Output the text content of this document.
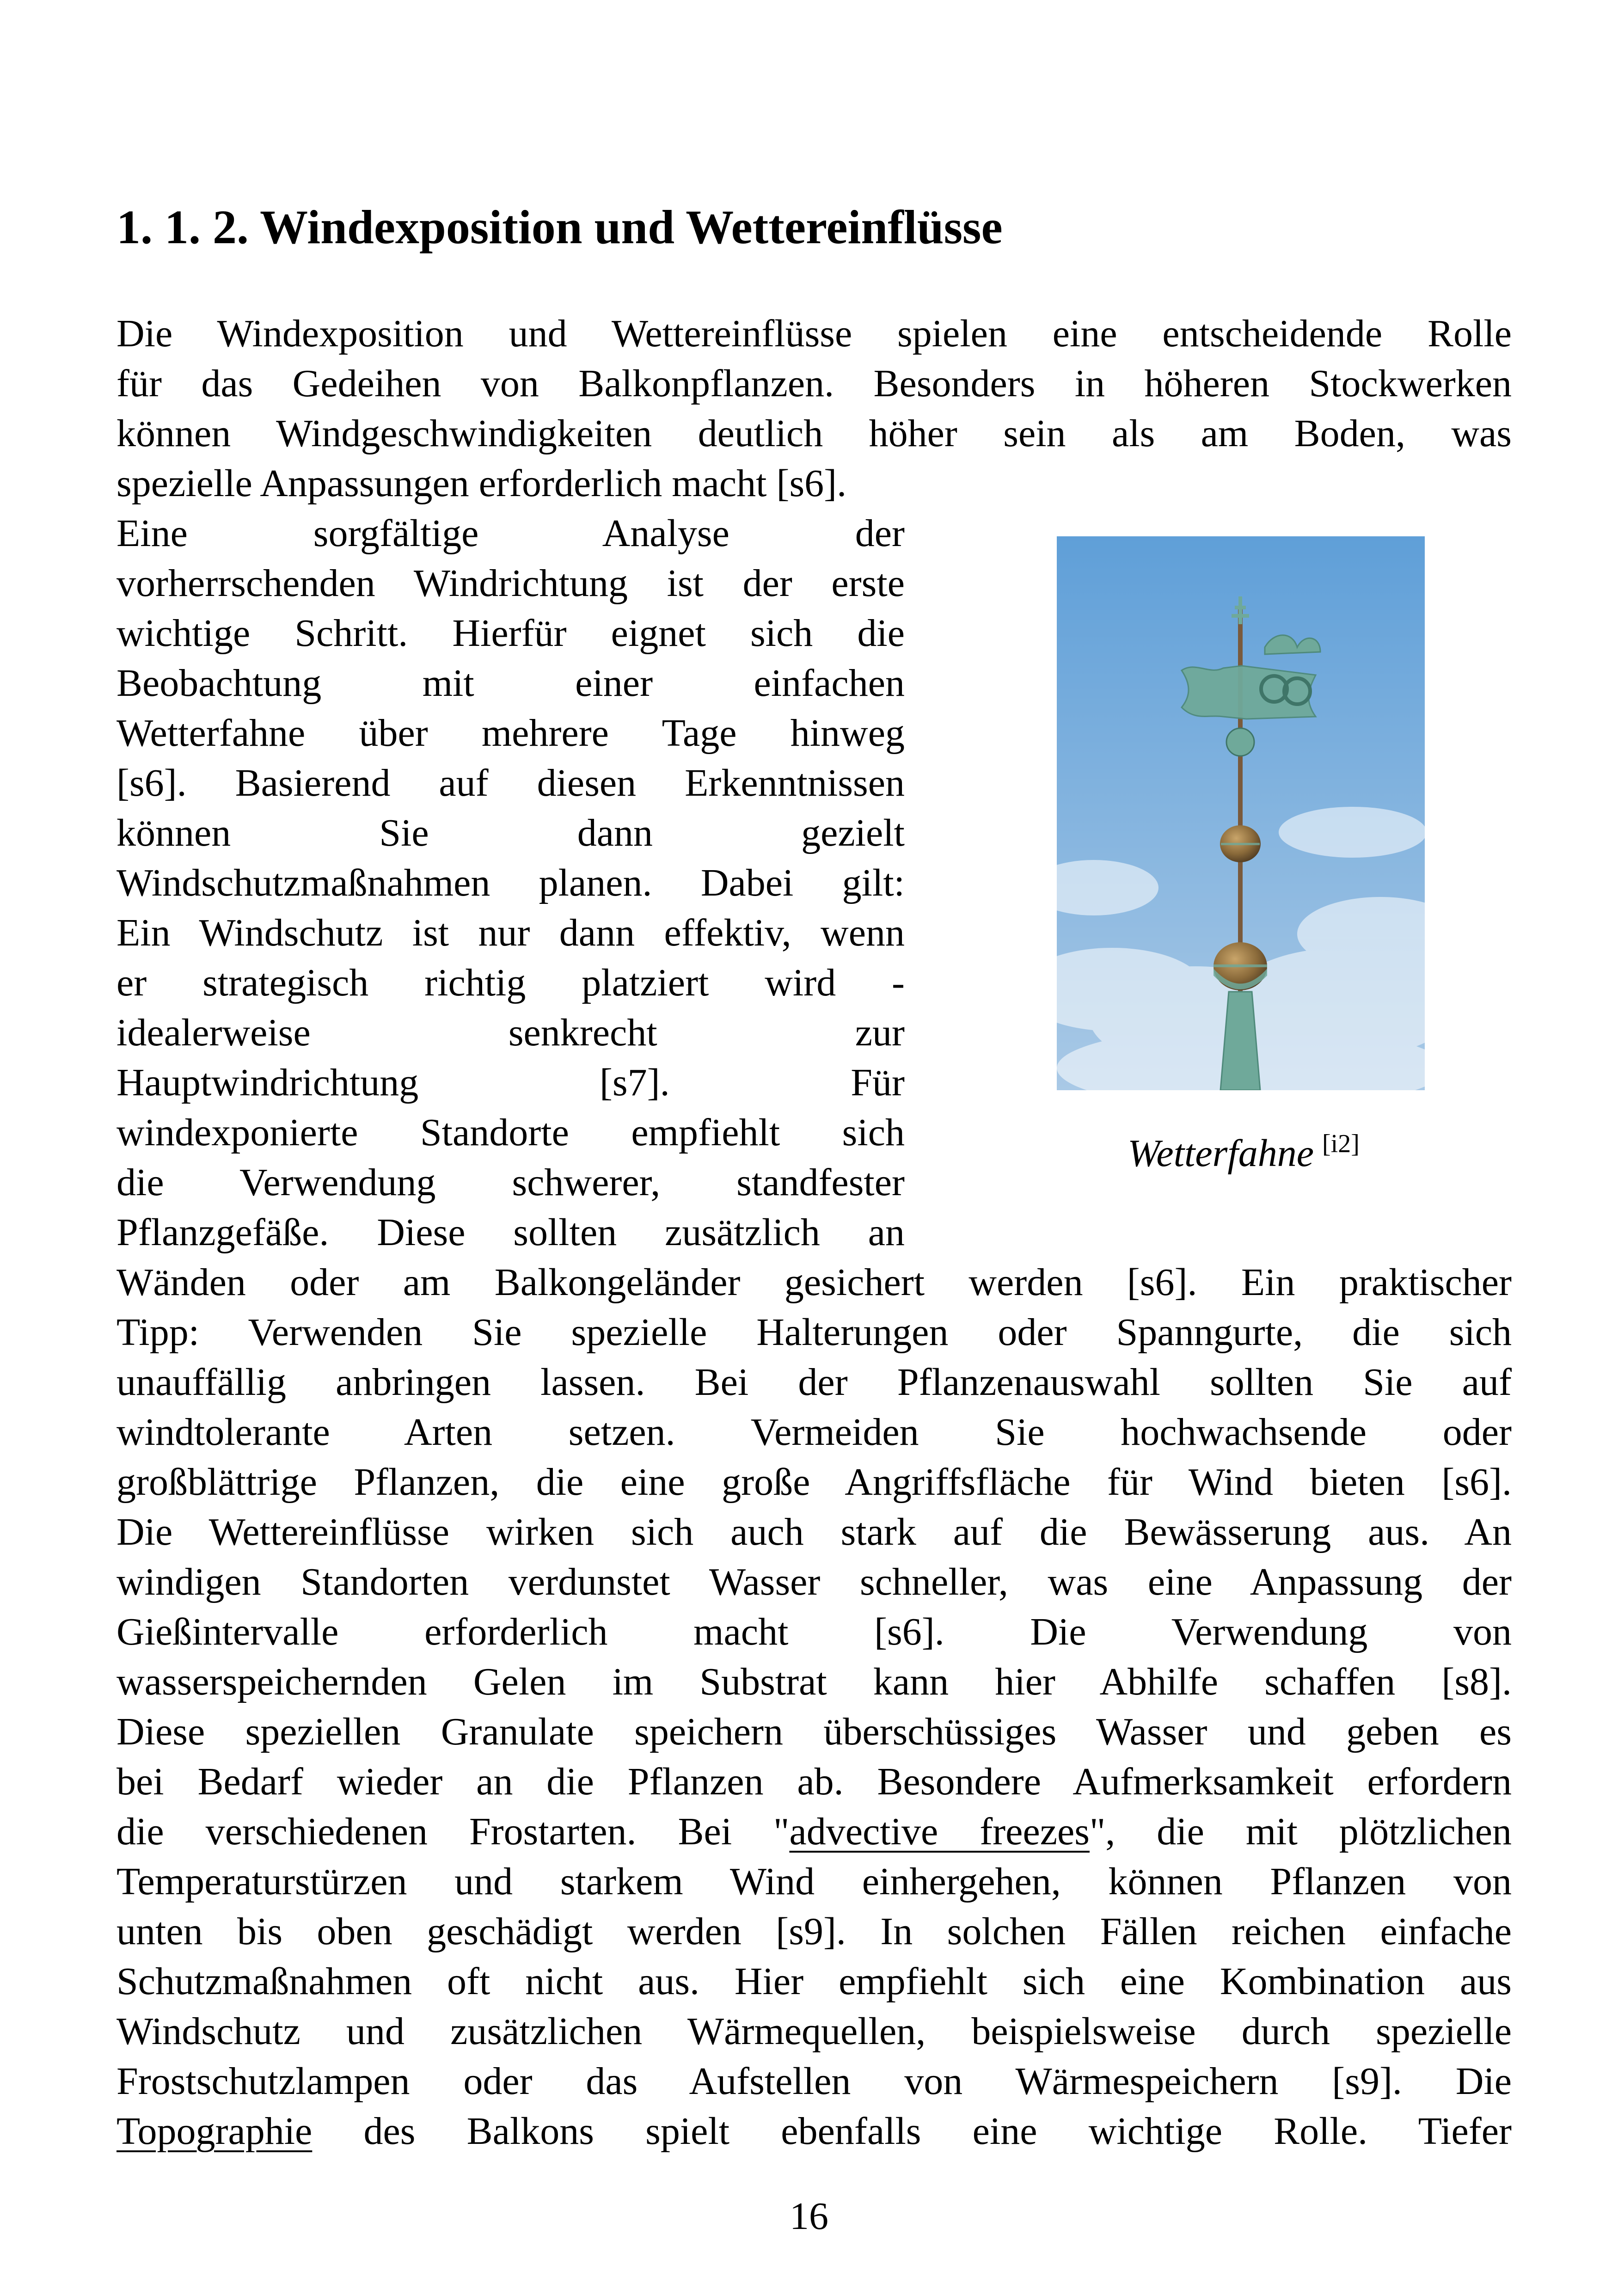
1. 1. 2. Windexposition und Wettereinflüsse
Die Windexposition und Wettereinflüsse spielen eine entscheidende Rolle
für das Gedeihen von Balkonpflanzen. Besonders in höheren Stockwerken
können Windgeschwindigkeiten deutlich höher sein als am Boden, was
spezielle Anpassungen erforderlich macht [s6].
Eine sorgfältige Analyse der
vorherrschenden Windrichtung ist der erste
wichtige Schritt. Hierfür eignet sich die
Beobachtung mit einer einfachen
Wetterfahne über mehrere Tage hinweg
[s6]. Basierend auf diesen Erkenntnissen
können Sie dann gezielt
Windschutzmaßnahmen planen. Dabei gilt:
Ein Windschutz ist nur dann effektiv, wenn
er strategisch richtig platziert wird -
idealerweise senkrecht zur
Hauptwindrichtung [s7]. Für
windexponierte Standorte empfiehlt sich
die Verwendung schwerer, standfester
Pflanzgefäße. Diese sollten zusätzlich an
Wänden oder am Balkongeländer gesichert werden [s6]. Ein praktischer
Tipp: Verwenden Sie spezielle Halterungen oder Spanngurte, die sich
unauffällig anbringen lassen. Bei der Pflanzenauswahl sollten Sie auf
windtolerante Arten setzen. Vermeiden Sie hochwachsende oder
großblättrige Pflanzen, die eine große Angriffsfläche für Wind bieten [s6].
Die Wettereinflüsse wirken sich auch stark auf die Bewässerung aus. An
windigen Standorten verdunstet Wasser schneller, was eine Anpassung der
Gießintervalle erforderlich macht [s6]. Die Verwendung von
wasserspeichernden Gelen im Substrat kann hier Abhilfe schaffen [s8].
Diese speziellen Granulate speichern überschüssiges Wasser und geben es
bei Bedarf wieder an die Pflanzen ab. Besondere Aufmerksamkeit erfordern
die verschiedenen Frostarten. Bei "advective freezes", die mit plötzlichen
Temperaturstürzen und starkem Wind einhergehen, können Pflanzen von
unten bis oben geschädigt werden [s9]. In solchen Fällen reichen einfache
Schutzmaßnahmen oft nicht aus. Hier empfiehlt sich eine Kombination aus
Windschutz und zusätzlichen Wärmequellen, beispielsweise durch spezielle
Frostschutzlampen oder das Aufstellen von Wärmespeichern [s9]. Die
Topographie des Balkons spielt ebenfalls eine wichtige Rolle. Tiefer
Wetterfahne [i2]
16
